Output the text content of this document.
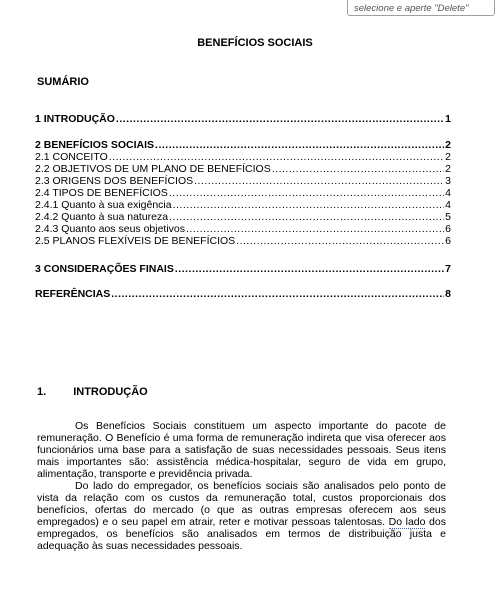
selecione e aperte "Delete"
BENEFÍCIOS SOCIAIS
SUMÁRIO
1 INTRODUÇÃO .....	1
2 BENEFÍCIOS SOCIAIS .....	2
2.1 CONCEITO .....	2
2.2 OBJETIVOS DE UM PLANO DE BENEFÍCIOS .....	2
2.3 ORIGENS DOS BENEFÍCIOS .....	3
2.4 TIPOS DE BENEFÍCIOS .....	4
2.4.1 Quanto à sua exigência .....	4
2.4.2 Quanto à sua natureza .....	5
2.4.3 Quanto aos seus objetivos .....	6
2.5 PLANOS FLEXÍVEIS DE BENEFÍCIOS .....	6
3 CONSIDERAÇÕES FINAIS .....	7
REFERÊNCIAS .....	8
1. INTRODUÇÃO

Os Benefícios Sociais constituem um aspecto importante do pacote de remuneração. O Benefício é uma forma de remuneração indireta que visa oferecer aos funcionários uma base para a satisfação de suas necessidades pessoais. Seus itens mais importantes são: assistência médica-hospitalar, seguro de vida em grupo, alimentação, transporte e previdência privada.

Do lado do empregador, os benefícios sociais são analisados pelo ponto de vista da relação com os custos da remuneração total, custos proporcionais dos benefícios, ofertas do mercado (o que as outras empresas oferecem aos seus empregados) e o seu papel em atrair, reter e motivar pessoas talentosas. Do lado dos empregados, os benefícios são analisados em termos de distribuição justa e adequação às suas necessidades pessoais.
